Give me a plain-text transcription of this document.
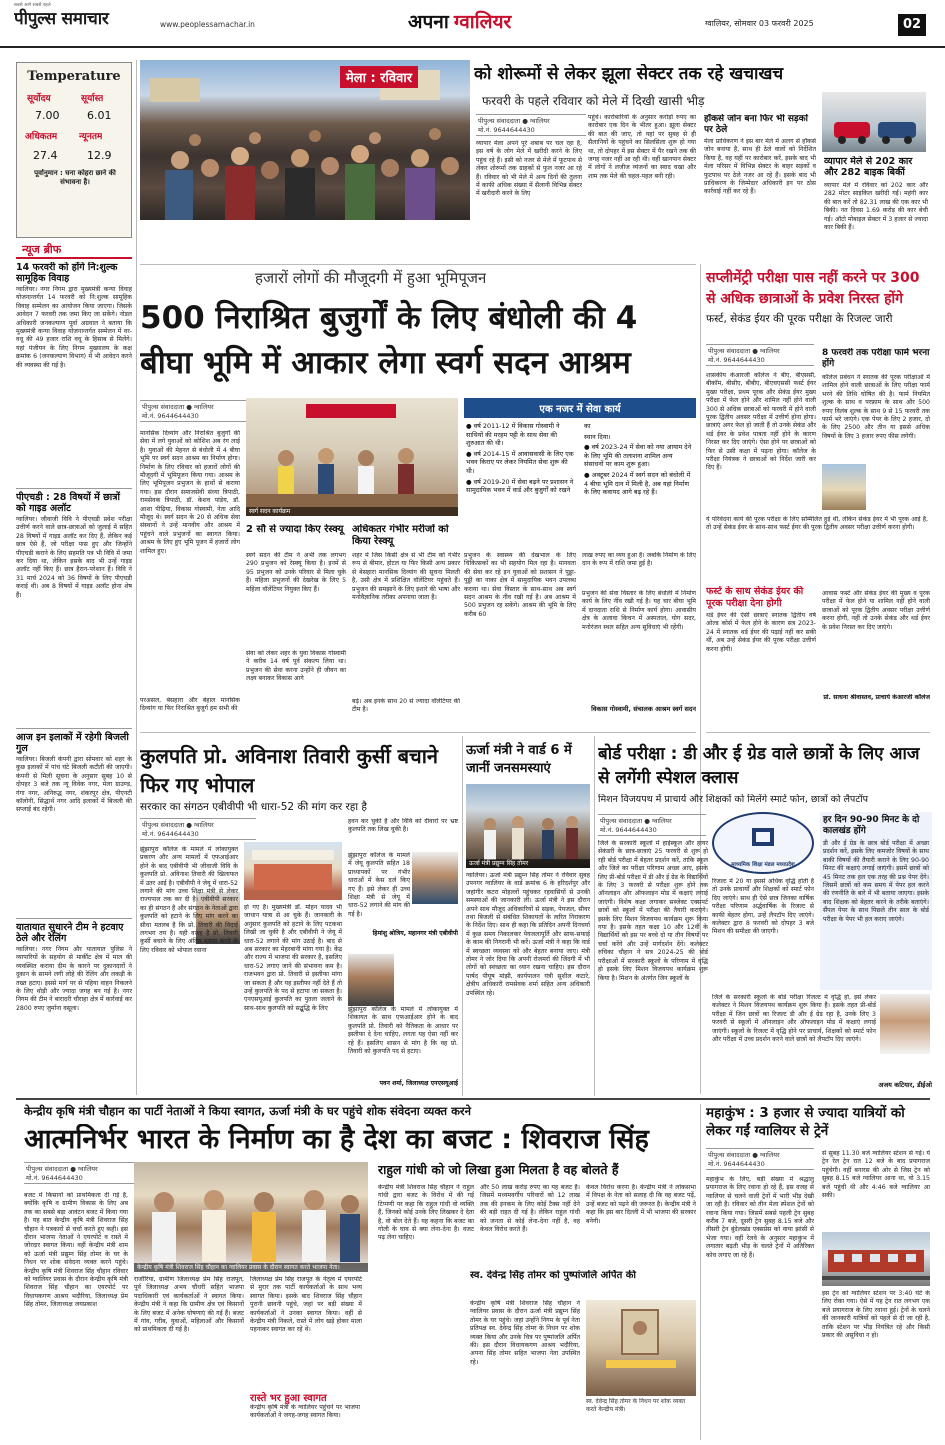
पीपुल्स समाचार
सबसे आगे सबसे पहले
www.peoplessamachar.in	अपना ग्वालियर	ग्वालियर, सोमवार 03 फरवरी 2025	02
Temperature
सूर्योदय	सूर्यास्त
7.00	6.01
अधिकतम न्यूनतम
27.4	12.9
पूर्वानुमान : घना कोहरा छाने की संभावना है।
न्यूज ब्रीफ
14 फरवरी को होंगे नि:शुल्क सामूहिक विवाह
ग्वालियर। नगर निगम द्वारा मुख्यमंत्री कन्या विवाह योजनान्तर्गत 14 फरवरी को नि:शुल्क सामूहिक विवाह सम्मेलन का आयोजन किया जाएगा। जिसके आवेदन 7 फरवरी तक जमा किए जा सकेंगे। नोडल अधिकारी जनकल्याण पूर्वा अग्रवाल ने बताया कि मुख्यमंत्री कन्या विवाह योजनान्तर्गत सम्मेलन में वर-वधू की 49 हजार राशि वधू के हिसाब से मिलेंगे। यहां पंजीयन के लिए निगम मुख्यालय के कक्ष क्रमांक 6 (जनकल्याण विभाग) में भी आवेदन करने की व्यवस्था की गई है।
पीएचडी : 28 विषयों में छात्रों को गाइड अलॉट
ग्वालियर। जीवाजी विवि ने पीएचडी प्रवेश परीक्षा उत्तीर्ण करने वाले छात्र-छात्राओं को जुलाई में सहित 28 विषयों में गाइड अलॉट कर दिए हैं, लेकिन कई छात्र ऐसे हैं, जो परीक्षा पास हुए और जिन्होंने पीएचडी कराने के लिए सहमति पत्र भी विवि में जमा कर दिया था, लेकिन इसके बाद भी उन्हें गाइड अलॉट नहीं किए हैं। छात्र हैरान-परेशान हैं। विवि ने 31 मार्च 2024 को 36 विषयों के लिए पीएचडी कराई थी। अब 8 विषयों में गाइड अलॉट होना शेष हैं।
आज इन इलाकों में रहेगी बिजली गुल
ग्वालियर। बिजली कंपनी द्वारा सोमवार को शहर के कुछ इलाकों में पांच घंटे बिजली कटौती की जाएगी। कंपनी से मिली सूचना के अनुसार सुबह 10 से दोपहर 3 बजे तक न्यू विवेक नगर, मेला ग्राउण्ड, गंगा नगर, अनिरुद्ध नगर, शंकरपुर क्षेत्र, पीएनटी कॉलोनी, सिद्धार्थ नगर आदि इलाकों में बिजली की सप्लाई बंद रहेगी।
यातायात सुधारने टीम ने हटवाए ठेले और रेलिंग
ग्वालियर। नगर निगम और यातायात पुलिस ने व्यापारियों के सहयोग से मार्कीट क्षेत्र में माल की व्यवस्थित कराया दीम के कारने पर दुकानदारों ने दुकान के सामने लगी लोहे की रेलिंग और लकड़ी के तख्त हटाए। इससे मार्ग पर से पहिया वाहन निकलने के लिए थोड़ी और ज्यादा जगह बन गई है। नगर निगम की टीम ने बारादरी चौराहा क्षेत्र में कार्रवाई कर 2800 रुपए जुर्माना वसूला।
मेला : रविवार	को शोरूमों से लेकर झूला सेक्टर तक रहे खचाखच
फरवरी के पहले रविवार को मेले में दिखी खासी भीड़
पीपुल्स संवाददाता ● ग्वालियर
मो.नं. 9644644430
व्यापार मेला अपने पूरे शबाब पर चल रहा है, इस वर्ष के लोग मेले में खरीदी करने के लिए पहुंच रहे हैं। इसी को नजर से मेले में फूटपाथ से लेकर शोरूमों तक ग्राहकों से फुल नजर आ रहे हैं। रविवार को भी मेले में अन्य दिनों की तुलना में काफी अधिक संख्या में सैलानी विभिन्न सेक्टर में खरीदारी करने के लिए
पहुंचे। कारोबारियों के अनुसार करोड़ो रुपए का कारोबार एक दिन के भीतर हुआ। झूला सेक्टर की बात की जाए, तो यहां पर सुबह से ही सैलानियों के पहुंचने का सिलसिला शुरू हो गया था, तो दोपहर में इस सेक्टर में पैर रखने तक की जगह नजर नहीं आ रही थी। वहीं खानपान सेक्टर में लोगों ने लजीज व्यंजनों का स्वाद चखा और शाम तक मेले की चहल-पहल बनी रही।
हॉकर्स जोन बना फिर भी सड़कों पर ठेले
मेला प्राधिकरण ने इस बार मेले में अलग से हॉकर्स जोन बनाया है, साथ ही ठेले वालों को निर्देशित किया है, वह यहीं पर कारोबार करें, इसके बाद भी मेला परिसर में विभिन्न सेक्टर के बाहर सड़कों व फुटपाथ पर ठेले नजर आ रहे हैं। इसके बाद भी प्राधिकरण के जिम्मेदार अधिकारी इन पर ठोस कार्रवाई नहीं कर रहे हैं।
व्यापार मेले से 202 कार और 282 बाइक बिकीं
व्यापार मेले में रविवार को 202 कार और 282 मोटर साइकिल खरीदी गईं। महंगी कार की बात करें तो 82.31 लाख की एक कार भी बिकी। नत दिवस 1.69 करोड़ की कार बेची गई। ऑटो मोबाइल सेक्टर में 3 हजार से ज्यादा कार बिकी हैं।
हजारों लोगों की मौजूदगी में हुआ भूमिपूजन
500 निराश्रित बुजुर्गों के लिए बंधोली की 4 बीघा भूमि में आकार लेगा स्वर्ग सदन आश्रम
पीपुल्स संवाददाता ● ग्वालियर
मो.नं. 9644644430
मानसिक दिव्यांग और निराश्रित बुजुर्गों की सेवा में लगे युवाओं को कोशिश अब रंग लाई है। युवाओं की मेहनत से बंधोली में 4 बीघा भूमि पर स्वर्ग सदन आश्रम का निर्माण होगा। निर्माण के लिए रविवार को हजारों लोगों की मौजूदगी में भूमिपूजन किया गया। आश्रम के लिए भूमिपूजन प्रभुजन के हाथों से कराया गया। इस दौरान समाजसेवी संध्या त्रिपाठी, रामसेवक त्रिपाठी, डॉ. केशव पांडेय, डॉ. आशा पीढ़िया, विकास गोस्वामी, नेता आदि मौजूद थे। स्वर्ग सदन के 20 से अधिक सेवा संस्थानों ने उन्हें मानवीय और आश्रम में पहुंचने वाले प्रभुजनों का स्वागत किया। आश्रम के लिए हुए भूमि पूजन में हजारों लोग शामिल हुए।
परअसल, बेसहारा और बेहाल मानसिक दिव्यांग या फिर निराश्रित बुजुर्ग हम सभी की
स्वर्ग सदन कार्यक्रम
2 सौ से ज्यादा किए रेस्क्यू
स्वर्ग सदन की टीम ने अभी तक लगभग 290 प्रभुजन को रेस्क्यू किया है। इनमें से 95 प्रभुजन को उनके परिवार से मिला चुके हैं। महिला प्रभुजनों की देखरेख के लिए 5 महिला वॉलेंटियर नियुक्त किए हैं।
सेवा को लेकर शहर के युवा विकास गोस्वामी ने करीब 14 वर्ष पूर्व संकल्प लिया था। प्रभुजन की सेवा करना उन्होंने ही जीवन का लक्ष्य बनाकर विकास आगे
अधिकतर गंभीर मरीजों को किया रेस्क्यू
शहर में जिस किसी क्षेत्र से भी टीम को गंभीर रूप से बीमार, होटल या फिर किसी अन्य प्रकार से बेसहारा मानसिक दिव्यांग की सूचना मिलती है, उसी क्षेत्र में प्रशिक्षित वॉलेंटियर पहुंचते हैं। प्रभुजन की समझाने के लिए इशारे की भाषा और मनोवैज्ञानिक तरीका अपनाया जाता है।
बढ़े। अब इनके साथ 20 से ज्यादा वॉलेंटियर की टीम है।
एक नजर में सेवा कार्य
● वर्ष 2011-12 में विकास गोस्वामी ने साथियों की मरहम पट्टी के साथ सेवा की शुरुआत की थी।
● वर्ष 2014-15 में आवासवासी के लिए एक भवन किराए पर लेकर नियमित सेवा शुरू की थी।
● वर्ष 2019-20 में सेवा बढ़ने पर प्रशासन ने सामुदायिक भवन में वार्ड और बुजुर्गों को रखने का
स्थान दिया।
● वर्ष 2023-24 में सेवा को नया आयाम देने के लिए भूमि की तलाशना शामिल अन्य संसाधनों पर काम शुरू हुआ।
● अक्टूबर 2024 में स्वर्ग सदन को बंधोली में 4 बीघा भूमि दान में मिली है, अब यहां निर्माण के लिए कवायद आगे बढ़ रहे हैं।
प्रभुजन के स्वास्थ्य की देखभाल के लिए चिकित्सकों का भी सहयोग मिल रहा है। मानवता की सेवा कर रहे इन युवाओं को प्रशासन ने पुड्डा-पुड्डी का नाका क्षेत्र में सामुदायिक भवन उपलब्ध कराया था। सेवा विस्तार के साथ-साथ अब स्वर्ग सदन आश्रम के नीव रखी गई है। अब आश्रम में 500 प्रभुजन रह सकेंगे। आश्रम की भूमि के लिए करीब 60
लाख रुपए का व्यय हुआ है। जबकि निर्माण के लिए दान के रूप में राशि जमा हुई है।
प्रभुजन की सेवा विस्तार के लिए बंधोली में निर्माण कार्य के लिए नींव रखी गई है। यह चार बीघा भूमि में दानदाता राशि से निर्माण कार्य होगा। आवासीय क्षेत्र के अलावा किचन में अस्पताल, योग सदर, मनोरंजन स्थल सहित अन्य सुविधाएं भी रहेंगी।
विकास गोस्वामी, संचालक आश्रम स्वर्ग सदन
सप्लीमेंट्री परीक्षा पास नहीं करने पर 300 से अधिक छात्राओं के प्रवेश निरस्त होंगे
फर्स्ट, सेकंड ईयर की पूरक परीक्षा के रिजल्ट जारी
पीपुल्स संवाददाता ● ग्वालियर
मो.नं. 9644644430
शासकीय केआरजी कॉलेज ने बीए, बीएससी, बीकॉम, बीसीए, बीबीए, बीएचएससी फर्स्ट ईयर मुख्य परीक्षा, प्रथम पूरक और सेकंड ईयर मुख्य परीक्षा में फेल होने और शामिल नहीं होने वाली 300 से अधिक छात्राओं को फरवरी में होने वाली पूरक द्वितीय अवसर परीक्षा में उत्तीर्ण होना होगा। छात्राएं अगर फेल हो जाती हैं तो उनके सेकंड और थर्ड ईयर के प्रवेश पात्रता नहीं होने के कारण निरस्त कर दिए जाएंगे। ऐसा होने पर छात्राओं को फिर से उसी कक्षा में पढ़ना होगा। कॉलेज के परीक्षा नियंत्रक ने छात्राओं को निर्देश जारी कर दिए हैं।
8 फरवरी तक परीक्षा फार्म भरना होंगे
कॉलेज प्रबंधन ने स्नातक की पूरक परीक्षाओं में शामिल होने वाली छात्राओं के लिए परीक्षा फार्म भरने की तिथि घोषित की है। फार्म नियमित शुल्क के साथ व परफ्राम के साथ और 500 रुपए विलंब शुल्क के साथ 9 से 15 फरवरी तक फार्म भरे जाएंगे। एक पेपर के लिए 2 हजार, दो के लिए 2500 और तीन या इससे अधिक विषयों के लिए 3 हजार रुपए फीस लगेगी।
ये परिवेदना कार्य की पूरक परीक्षा के लिए सम्मिलित हुई थीं, लेकिन सेकंड ईयर में भी पूरक आई है, तो उन्हें सेकंड ईयर के साथ-साथ फर्स्ट ईयर की पूरक द्वितीय अवसर परीक्षा उत्तीर्ण करना होगी।
फर्स्ट के साथ सेकंड ईयर की पूरक परीक्षा देना होगी
थर्ड ईयर की ऐसी छात्राएं स्नातक द्वितीय वर्ष ओल्ड कोर्स में फेल होने के कारण सत्र 2023-24 में स्नातक थर्ड ईयर की पढ़ाई नहीं कर सकी थीं, अब उन्हें सेकंड ईयर की पूरक परीक्षा उत्तीर्ण करना होगी।
आवास फर्स्ट और सेकंड ईयर की मुख्य व पूरक परीक्षा में फेल होने या शामिल नहीं होने वाली छात्राओं को पूरक द्वितीय अवसर परीक्षा उत्तीर्ण करना होगी, नहीं तो उनके सेकंड और थर्ड ईयर के प्रवेश निरस्त कर दिए जाएंगे।
प्रो. साधना श्रीवास्तव, प्राचार्य केआरजी कॉलेज
कुलपति प्रो. अविनाश तिवारी कुर्सी बचाने फिर गए भोपाल
सरकार का संगठन एबीवीपी भी धारा-52 की मांग कर रहा है
पीपुल्स संवाददाता ● ग्वालियर
मो.नं. 9644644430
झूंझापुरा कॉलेज के मामले में लोकायुक्त प्रकरण और अन्य मामलों में एफआईआर होने के बाद एबीवीपी भी जीवाजी विवि के कुलपति प्रो. अविनाश तिवारी की खिलाफत में उतर आई है। एबीवीपी ने जेयू में धारा-52 लगाने की मांग उच्च शिक्षा मंत्री से लेकर राज्यपाल तक कर दी है। एबीवीपी सरकार का ही संगठन है और संगठन के नेताओं द्वारा कुलपति को हटाने के लिए मांग करने का सीधा मतलब है कि प्रो. तिवारी की विदाई लगभग तय है। यही वजह है प्रो. तिवारी कुर्सी बचाने के लिए अंतिम प्रयास करने के लिए रविवार को भोपाल रवाना
हो गए हैं। मुख्यमंत्री डॉ. मोहन यादव भी जाधान यात्रा से आ चुके हैं। जानकारी के अनुसार कुलपति को हटाने के लिए पटकथा लिखी जा चुकी है और एबीवीपी ने जेयू में धारा-52 लगाने की मांग उठाई है। बाद से अब सरकार का मेहरबानी मांगा गया है। केंद्र और राज्य में भाजपा की सरकार है, इसलिए धारा-52 लगाए जाने की संभावना कम है। राजभवन द्वारा प्रो. तिवारी से इस्तीफा मांगा जा सकता है और यह इस्तीफा नहीं देते हैं तो उन्हें कुलपति के पद से हटाया जा सकता है। एनएसयूआई कुलपति का पुतला जलाने के साथ-साथ कुलपति को सद्बुद्धि के लिए
हवन कर चुकी है और विवि को दीवारों पर भ्रष्ट कुलपति तक लिख चुकी है।
झूंझापुरा कॉलेज के मामले में जेयू कुलपति सहित 18 प्राध्यापकों पर गंभीर धाराओं में केस दर्ज किए गए हैं। इसे लेकर ही उच्च शिक्षा मंत्री से जेयू में धारा-52 लगाने की मांग की गई है।
हिमांशु श्रोत्रिय, महानगर मंत्री एबीवीपी
झूंझापुरा कॉलेज के मामले में लोकायुक्त में शिकायत के साथ एफआईआर होने के बाद कुलपति प्रो. तिवारी को नैतिकता के आधार पर इस्तीफा दे देना चाहिए, लगता यह ऐसा नहीं कर रहे हैं। इसलिए शासन से मांग है कि वह प्रो. तिवारी को कुलपति पद से हटाए।
पवन शर्मा, जिलाध्यक्ष एनएसयूआई
ऊर्जा मंत्री ने वार्ड 6 में जानीं जनसमस्याएं
ऊर्जा मंत्री प्रद्युम्न सिंह तोमर
ग्वालियर। ऊर्जा मंत्री प्रद्युम्न सिंह तोमर ने रविवार सुबह उपनगर ग्वालियर के वार्ड क्रमांक 6 के हरिदर्शपुर और जहांगीर कटरा मोहल्लों पहुंचकर रहवासियों से उनकी समस्याओं की जानकारी ली। ऊर्जा मंत्री ने इस दौरान अपने साथ मौजूद अधिकारियों से सड़क, पेयजल, सीवर तथा बिजली से संबंधित शिकायतों के त्वरित निराकरण के निर्देश दिए। साथ ही कहा कि प्रतिदिन अपनी दिनचर्या में कुछ समय निकालकर पेयजलापूर्ति और साफ-सफाई के काम की निगरानी भी करें। ऊर्जा मंत्री ने कहा कि वार्ड में स्वच्छता व्यवस्था को और बेहतर बनाया जाए। मंत्री तोमर ने जोर दिया कि अपनी रोजमर्रा की जिंदगी में भी लोगों को स्वच्छता का ध्यान रखना चाहिए। इस दौरान पार्षद पीयूष मांझी, कार्यपालन यंत्री सुशील कटारे, क्षेत्रीय अधिकारी रामसेवक शर्मा सहित अन्य अधिकारी उपस्थित रहे।
बोर्ड परीक्षा : डी और ई ग्रेड वाले छात्रों के लिए आज से लगेंगी स्पेशल क्लास
मिशन विजयपथ में प्राचार्य और शिक्षकों को मिलेंगे स्मार्ट फोन, छात्रों को लैपटॉप
पीपुल्स संवाददाता ● ग्वालियर
मो.नं. 9644644430
जिले के सरकारी स्कूलों में हाईस्कूल और हायर सेकंडरी के छात्र-छात्राएं 25 फरवरी से शुरू हो रही बोर्ड परीक्षा में बेहतर प्रदर्शन करें, ताकि स्कूल और जिले का परीक्षा परिणाम अच्छा आए, इसके लिए प्री-बोर्ड परीक्षा में डी और ई ग्रेड के विद्यार्थियों के लिए 3 फरवरी से परीक्षा शुरू होने तक ऑनलाइन और ऑफलाइन मोड में कक्षाएं लगाई जाएंगी। विशेष कक्षा लगाकर सब्जेक्ट एक्सपर्ट छात्रों को स्कूलों में परीक्षा की तैयारी कराएंगे। इसके लिए मिशन विजयपथ कार्यक्रम शुरू किया गया है। इसके तहत कक्षा 10 और 12वीं के विद्यार्थियों को इस पर बच्चे दो या तीन विषयों पर चर्चा करेंगे और उन्हें मार्गदर्शन देंगे। कलेक्टर रुचिका चौहान ने सत्र 2024-25 की बोर्ड परीक्षाओं में सरकारी स्कूलों के परिणाम में वृद्धि हो इसके लिए मिशन विजयपथ कार्यक्रम शुरू किया है। मिशन के अंतर्गत जिन स्कूलों के
माध्यमिक शिक्षा मंडल मध्यप्रदेश
रिजल्ट में 20 या इससे अधिक वृद्धि होती है तो उनके प्राचार्यों और शिक्षकों को स्मार्ट फोन दिए जाएंगे। साथ ही ऐसे छात्र जिनका वार्षिक परीक्षा परिणाम अर्द्धवार्षिक के रिजल्ट से काफी बेहतर होगा, उन्हें लैपटॉप दिए जाएंगे। कलेक्टर द्वारा 8 फरवरी को दोपहर 3 बजे मिशन की समीक्षा की जाएगी।
हर दिन 90-90 मिनट के दो कालखंड होंगे
डी और ई ग्रेड के छात्र बोर्ड परीक्षा में अच्छा प्रदर्शन करें, इसके लिए कमजोर विषयों के साथ बाकी विषयों की तैयारी कराने के लिए 90-90 मिनट की कक्षाएं लगाई जाएंगी। इसमें छात्रों को 45 मिनट तक हल एक तरह की प्रश्न पेपर देंगे। जिसमें छात्रों को कम समय में पेपर हल करने की रणनीति के बारे में भी बताया जाएगा। इसके बाद शिक्षक को बेहतर करने के तरीके बताएंगे। सैंपल पेपर के साथ पिछले तीन साल के बोर्ड परीक्षा के पेपर भी हल कराए जाएंगे।
जिले के सरकारी स्कूलों के बोर्ड परीक्षा रिजल्ट में वृद्धि हो, इसे लेकर कलेक्टर ने मिशन विजयपथ कार्यक्रम शुरू किया है। इसके तहत प्री-बोर्ड परीक्षा में जिन छात्रों का रिजल्ट डी और ई ग्रेड रहा है, उनके लिए 3 फरवरी से स्कूलों में ऑनलाइन और ऑफलाइन मोड में कक्षाएं लगाई जाएंगी। स्कूलों के रिजल्ट में वृद्धि होने पर प्राचार्य, शिक्षकों को स्मार्ट फोन और परीक्षा में उच्च प्रदर्शन करने वाले छात्रों को लैपटॉप दिए जाएंगे।
अजय कटियार, डीईओ
केन्द्रीय कृषि मंत्री चौहान का पार्टी नेताओं ने किया स्वागत, ऊर्जा मंत्री के घर पहुंचे शोक संवेदना व्यक्त करने
आत्मनिर्भर भारत के निर्माण का है देश का बजट : शिवराज सिंह
पीपुल्स संवाददाता ● ग्वालियर
मो.नं. 9644644430
बजट में किसानों को प्राथमिकता दी गई है, क्योंकि कृषि व ग्रामीण विकास के लिए अब तक का सबसे बड़ा आवंटन बजट में किया गया है। यह बात केन्द्रीय कृषि मंत्री शिवराज सिंह चौहान ने पत्रकारों से चर्चा करते हुए कही। इस दौरान भाजपा नेताओं ने एयरपोर्ट व रास्ते में जोरदार स्वागत किया। वहीं केन्द्रीय मंत्री शाम को ऊर्जा मंत्री प्रद्युम्न सिंह तोमर के घर के निधन पर शोक संवेदना व्यक्त करने पहुंचे। केन्द्रीय कृषि मंत्री शिवराज सिंह चौहान रविवार को ग्वालियर प्रवास के दौरान केन्द्रीय कृषि मंत्री शिवराज सिंह चौहान का एयरपोर्ट पर विधायकगण आश्रय भदौरिया, जिलाध्यक्ष प्रेम सिंह तोमर, जिलाध्यक्ष जयप्रकाश
केन्द्रीय कृषि मंत्री शिवराज सिंह चौहान का ग्वालियर प्रवास के दौरान स्वागत करते भाजपा नेता।
राजौरिया, ग्रामीण जिलाध्यक्ष प्रेम सिंह राजपूत, पूर्व जिलाध्यक्ष अभय चौधरी सहित भाजपा पदाधिकारी एवं कार्यकर्ताओं ने स्वागत किया। केन्द्रीय मंत्री ने कहा कि ग्रामीण क्षेत्र एवं किसानों के लिए बजट में अनेक घोषणाएं की गई हैं। बजट में गांव, गरीब, युवाओं, महिलाओं और किसानों को प्राथमिकता दी गई है।
रास्ते भर हुआ स्वागत
केन्द्रीय कृषि मंत्री के ग्वालियर पहुंचने पर भाजपा कार्यकर्ताओं ने जगह-जगह स्वागत किया।
जिलाध्यक्ष प्रेम सिंह राजपूत के नेतृत्व में एयरपोर्ट से मुरार तक पार्टी कार्यकर्ताओं के साथ भव्य स्वागत किया। इसके बाद शिवराज सिंह चौहान पुरानी छावनी पहुंचे, जहां पर बड़ी संख्या में कार्यकर्ताओं ने उनका स्वागत किया। वहीं से केन्द्रीय मंत्री निकले, रास्ते में लोग खड़े होकर माला पहनाकर स्वागत कर रहे थे।
राहुल गांधी को जो लिखा हुआ मिलता है वह बोलते हैं
केन्द्रीय मंत्री शिवराज सिंह चौहान ने राहुल गांधी द्वारा बजट के विरोध में की गई टिप्पणी पर कहा कि राहुल गांधी वो व्यक्ति हैं, जिनको कोई उनके लिए लिखकर दे देता है, वो बोल देते हैं। यह कहना कि बजट का गोली के घाव से क्या लेना-देना है। वजट पढ़ लेना चाहिए।
और 50 लाख करोड़ रुपए का यह बजट है। जिसमें मध्यमवर्गीय परिवारों को 12 लाख तक की इनकम के लिए कोई टैक्स नहीं देने की बड़ी राहत दी गई है। लेकिन राहुल गांधी को जनता से कोई लेना-देना नहीं है, वह केवल विरोध करते हैं।
केवल विरोध करना है। केन्द्रीय मंत्री ने लोकसभा में विपक्ष के नेता को सलाह दी कि वह बजट पढ़ें, उन्हें बजट को पढ़ने की जरूरत है। केन्द्रीय मंत्री ने कहा कि इस बार दिल्ली में भी भाजपा की सरकार बनेगी।
स्व. देवेन्द्र सिंह तोमर को पुष्पांजलि अर्पित की
केन्द्रीय कृषि मंत्री शिवराज सिंह चौहान ने ग्वालियर प्रवास के दौरान ऊर्जा मंत्री प्रद्युम्न सिंह तोमर के घर पहुंचे। जहां उन्होंने निगम के पूर्व नेता प्रतिपक्ष स्व. देवेन्द्र सिंह तोमर के निधन पर शोक व्यक्त किया और उनके चित्र पर पुष्पांजलि अर्पित की। इस दौरान विधायकगण आश्रय भदौरिया, अपना सिंह तोमर सहित भाजपा नेता उपस्थित रहे।
स्व. देवेन्द्र सिंह तोमर के निधन पर शोक व्यक्त करते केन्द्रीय मंत्री।
महाकुंभ : 3 हजार से ज्यादा यात्रियों को लेकर गईं ग्वालियर से ट्रेनें
पीपुल्स संवाददाता ● ग्वालियर
मो.नं. 9644644430
महाकुंभ के लिए, बड़ी संख्या में श्रद्धालु प्रयागराज के लिए रवाना हो रहे हैं, इस वजह से ग्वालियर से चलने वाली ट्रेनों में भारी भीड़ देखी जा रही है। रविवार को तीन मेला स्पेशल ट्रेनों को रवाना किया गया। जिसमें सबसे पहली ट्रेन सुबह करीब 7 बजे, दूसरी ट्रेन सुबह 8.15 बजे और तीसरी ट्रेन बुंदेलखंड एक्सप्रेस को वाया झांसी से भेजा गया। वहीं रेलवे के अनुसार महाकुंभ में लगातार बढ़ती भीड़ के चलते ट्रेनों में अतिरिक्त कोच लगाए जा रहे हैं।
से सुबह 11.30 बजे ग्वालियर स्टेशन से गई। ये ट्रेन रेल ट्रेन रात 12 बजे के बाद प्रयागराज पहुंचेगी। वहीं बनारस की ओर से जिस ट्रेन को सुबह 8.15 बजे ग्वालियर आना था, वो 3.15 बजे पहुंची थी और 4:46 बजे ग्वालियर आ सकी।
इस ट्रेन को ग्वालियर स्टेशन पर 3:40 घंटे के लिए रोका गया। ऐसे में यह ट्रेन रात लगभग एक बजे प्रयागराज के लिए रवाना हुई। ट्रेनों के चलने की जानकारी यात्रियों को पहले से दी जा रही है, ताकि स्टेशन पर भीड़ नियंत्रित रहे और किसी प्रकार की असुविधा न हो।
